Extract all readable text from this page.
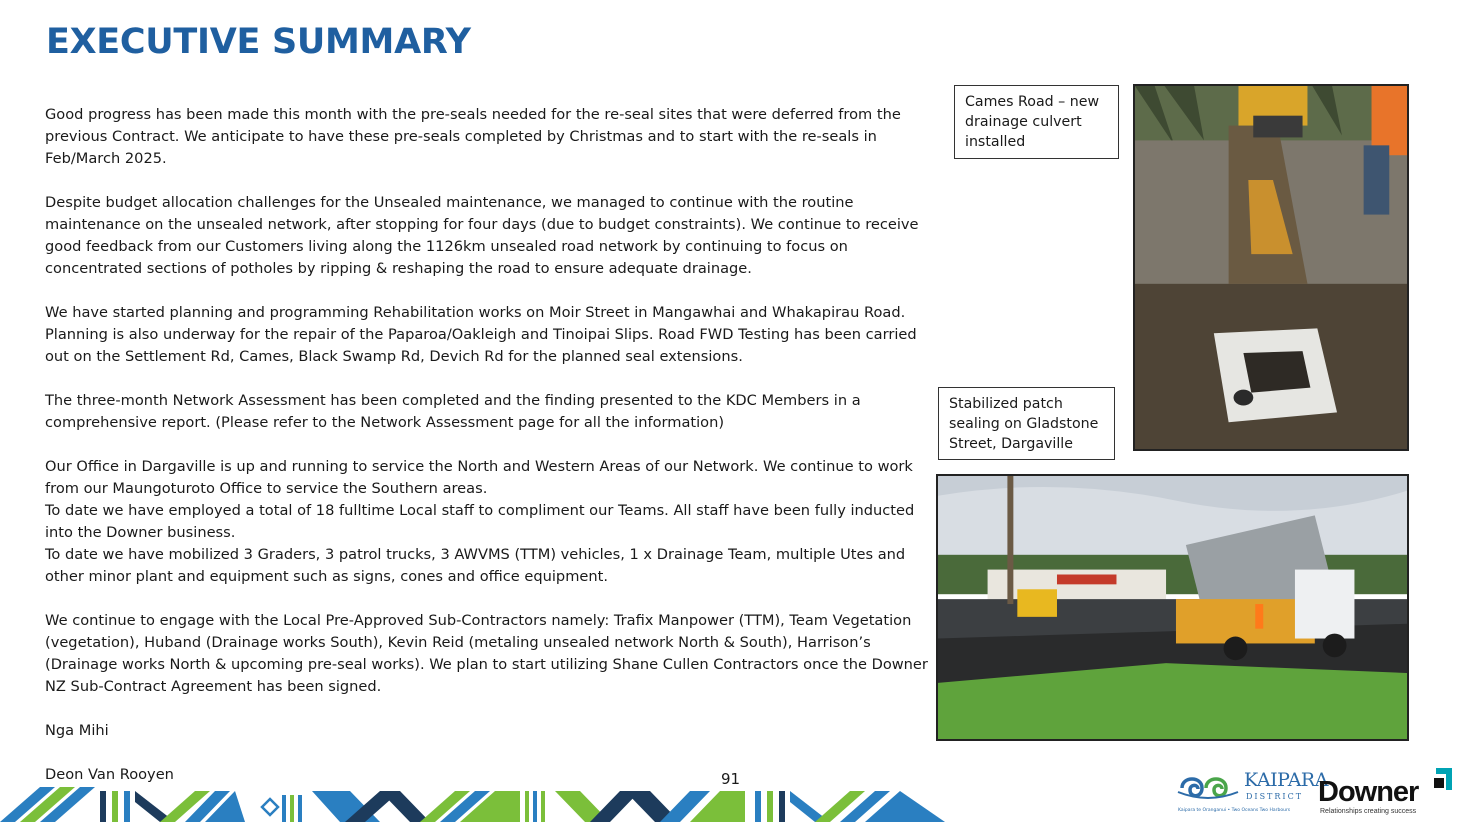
EXECUTIVE SUMMARY

Good progress has been made this month with the pre-seals needed for the re-seal sites that were deferred from the previous Contract. We anticipate to have these pre-seals completed by Christmas and to start with the re-seals in Feb/March 2025.

Despite budget allocation challenges for the Unsealed maintenance, we managed to continue with the routine maintenance on the unsealed network, after stopping for four days (due to budget constraints). We continue to receive good feedback from our Customers living along the 1126km unsealed road network by continuing to focus on concentrated sections of potholes by ripping & reshaping the road to ensure adequate drainage.

We have started planning and programming Rehabilitation works on Moir Street in Mangawhai and Whakapirau Road. Planning is also underway for the repair of the Paparoa/Oakleigh and Tinoipai Slips. Road FWD Testing has been carried out on the Settlement Rd, Cames, Black Swamp Rd, Devich Rd for the planned seal extensions.

The three-month Network Assessment has been completed and the finding presented to the KDC Members in a comprehensive report. (Please refer to the Network Assessment page for all the information)

Our Office in Dargaville is up and running to service the North and Western Areas of our Network. We continue to work from our Maungoturoto Office to service the Southern areas.

To date we have employed a total of 18 fulltime Local staff to compliment our Teams. All staff have been fully inducted into the Downer business.

To date we have mobilized 3 Graders, 3 patrol trucks, 3 AWVMS (TTM) vehicles, 1 x Drainage Team, multiple Utes and other minor plant and equipment such as signs, cones and office equipment.

We continue to engage with the Local Pre-Approved Sub-Contractors namely: Trafix Manpower (TTM), Team Vegetation (vegetation), Huband (Drainage works South), Kevin Reid (metaling unsealed network North & South), Harrison’s (Drainage works North & upcoming pre-seal works). We plan to start utilizing Shane Cullen Contractors once the Downer NZ Sub-Contract Agreement has been signed.

Nga Mihi

Deon Van Rooyen

Cames Road – new drainage culvert installed
Stabilized patch sealing on Gladstone Street, Dargaville
91	KAIPARA
DISTRICT
Kaipara te Oranganui • Two Oceans Two Harbours
Downer
Relationships creating success
